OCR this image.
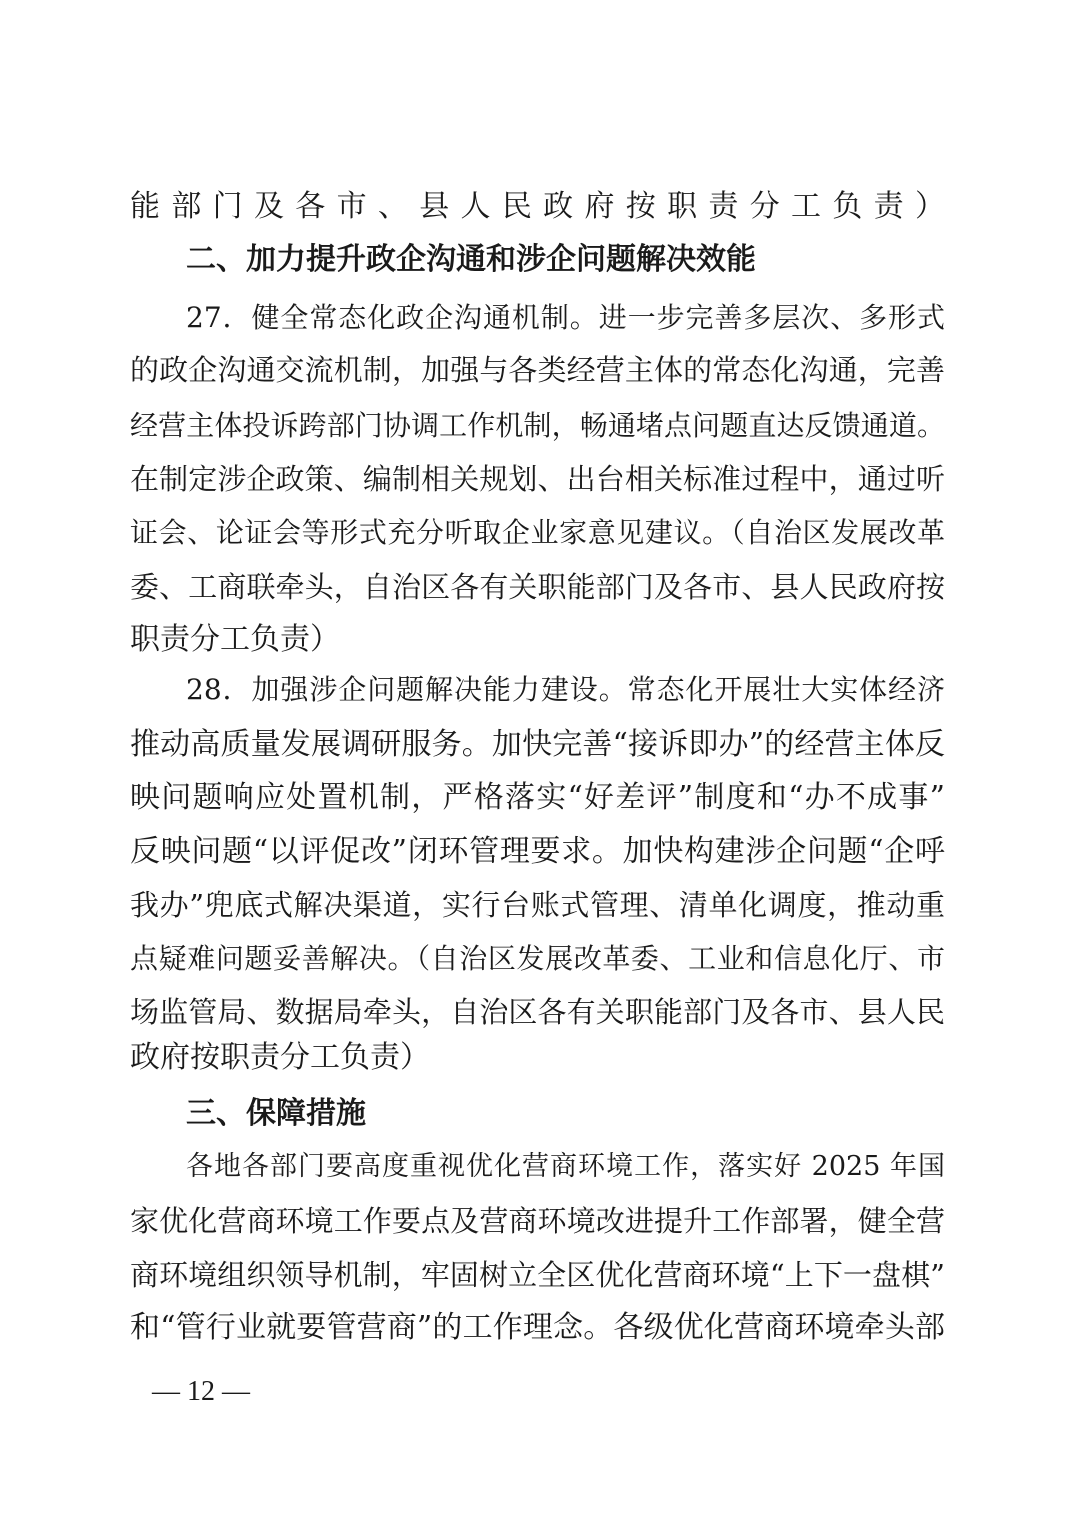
能部门及各市、县人民政府按职责分工负责）
二、加力提升政企沟通和涉企问题解决效能
27．健全常态化政企沟通机制。进一步完善多层次、多形式
的政企沟通交流机制，加强与各类经营主体的常态化沟通，完善
经营主体投诉跨部门协调工作机制，畅通堵点问题直达反馈通道。
在制定涉企政策、编制相关规划、出台相关标准过程中，通过听
证会、论证会等形式充分听取企业家意见建议。（自治区发展改革
委、工商联牵头，自治区各有关职能部门及各市、县人民政府按
职责分工负责）
28．加强涉企问题解决能力建设。常态化开展壮大实体经济
推动高质量发展调研服务。加快完善“接诉即办”的经营主体反
映问题响应处置机制，严格落实“好差评”制度和“办不成事”
反映问题“以评促改”闭环管理要求。加快构建涉企问题“企呼
我办”兜底式解决渠道，实行台账式管理、清单化调度，推动重
点疑难问题妥善解决。（自治区发展改革委、工业和信息化厅、市
场监管局、数据局牵头，自治区各有关职能部门及各市、县人民
政府按职责分工负责）
三、保障措施
各地各部门要高度重视优化营商环境工作，落实好 2025 年国
家优化营商环境工作要点及营商环境改进提升工作部署，健全营
商环境组织领导机制，牢固树立全区优化营商环境“上下一盘棋”
和“管行业就要管营商”的工作理念。各级优化营商环境牵头部
— 12 —
